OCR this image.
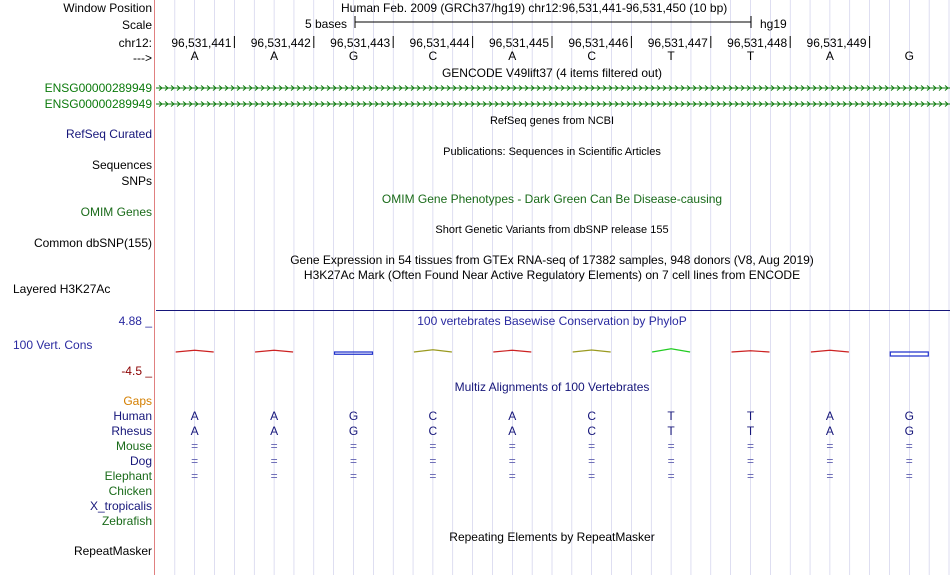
Window Position	Human Feb. 2009 (GRCh37/hg19) chr12:96,531,441-96,531,450 (10 bp)
Scale	5 bases	hg19
chr12: 96,531,441 96,531,442 96,531,443 96,531,444 96,531,445 96,531,446 96,531,447 96,531,448 96,531,449
--->	A	A	G	C	A	C	T	T	A	G
GENCODE V49lift37 (4 items filtered out)
ENSG00000289949
ENSG00000289949
RefSeq genes from NCBI
RefSeq Curated
Publications: Sequences in Scientific Articles
Sequences
SNPs
OMIM Gene Phenotypes - Dark Green Can Be Disease-causing
OMIM Genes
Short Genetic Variants from dbSNP release 155
Common dbSNP(155)
Gene Expression in 54 tissues from GTEx RNA-seq of 17382 samples, 948 donors (V8, Aug 2019)
H3K27Ac Mark (Often Found Near Active Regulatory Elements) on 7 cell lines from ENCODE
Layered H3K27Ac
4.88 _	100 vertebrates Basewise Conservation by PhyloP
100 Vert. Cons
-4.5 _
Multiz Alignments of 100 Vertebrates
Gaps
Human	A	A	G	C	A	C	T	T	A	G
Rhesus	A	A	G	C	A	C	T	T	A	G
Mouse	=	=	=	=	=	=	=	=	=	=
Dog	=	=	=	=	=	=	=	=	=	=
Elephant	=	=	=	=	=	=	=	=	=	=
Chicken
X_tropicalis
Zebrafish
Repeating Elements by RepeatMasker
RepeatMasker
